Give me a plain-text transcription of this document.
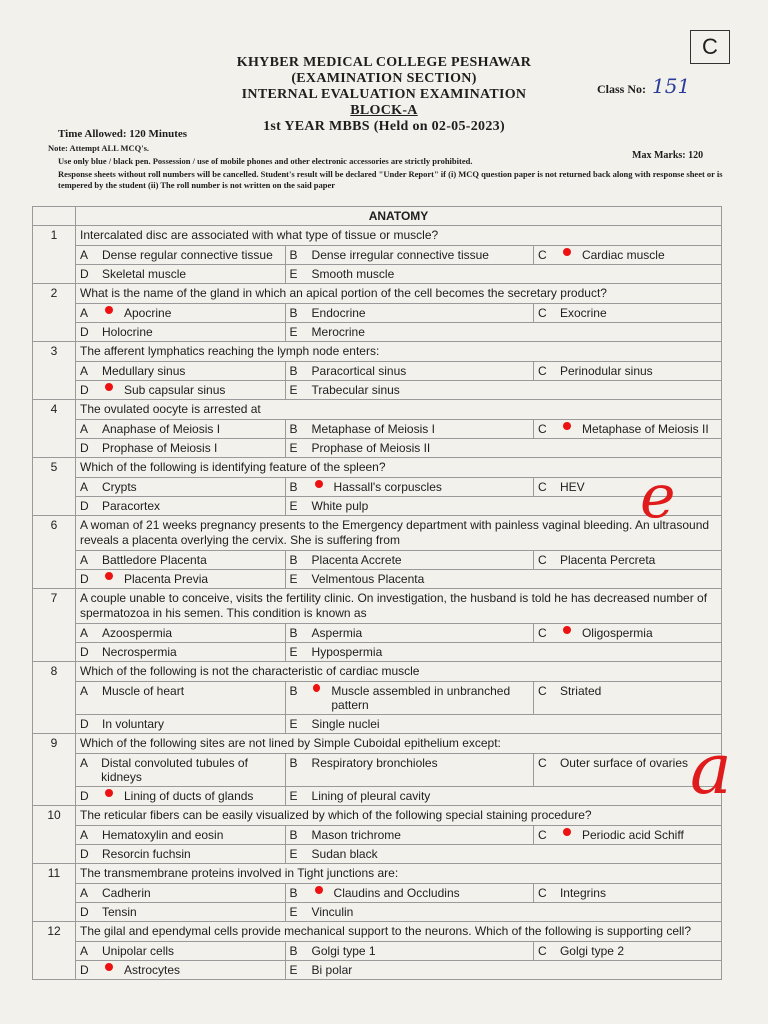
C
KHYBER MEDICAL COLLEGE PESHAWAR
(EXAMINATION SECTION)
INTERNAL EVALUATION EXAMINATION
BLOCK-A
1st YEAR MBBS (Held on 02-05-2023)
Class No: 151
Time Allowed: 120 Minutes
Max Marks: 120
Note: Attempt ALL MCQ's.
Use only blue / black pen. Possession / use of mobile phones and other electronic accessories are strictly prohibited.
Response sheets without roll numbers will be cancelled. Student's result will be declared "Under Report" if (i) MCQ question paper is not returned back along with response sheet or is tempered by the student (ii) The roll number is not written on the said paper
	ANATOMY		
1	Intercalated disc are associated with what type of tissue or muscle?		

	A Dense regular connective tissue	B Dense irregular connective tissue	C Cardiac muscle

	D Skeletal muscle	E Smooth muscle	

2	What is the name of the gland in which an apical portion of the cell becomes the secretary product?		

	A Apocrine	B Endocrine	C Exocrine

	D Holocrine	E Merocrine	

3	The afferent lymphatics reaching the lymph node enters:		

	A Medullary sinus	B Paracortical sinus	C Perinodular sinus

	D Sub capsular sinus	E Trabecular sinus	

4	The ovulated oocyte is arrested at		

	A Anaphase of Meiosis I	B Metaphase of Meiosis I	C Metaphase of Meiosis II

	D Prophase of Meiosis I	E Prophase of Meiosis II	

5	Which of the following is identifying feature of the spleen?		

	A Crypts	B Hassall's corpuscles	C HEV

	D Paracortex	E White pulp	

6	A woman of 21 weeks pregnancy presents to the Emergency department with painless vaginal bleeding. An ultrasound reveals a placenta overlying the cervix. She is suffering from		

	A Battledore Placenta	B Placenta Accrete	C Placenta Percreta

	D Placenta Previa	E Velmentous Placenta	

7	A couple unable to conceive, visits the fertility clinic. On investigation, the husband is told he has decreased number of spermatozoa in his semen. This condition is known as		

	A Azoospermia	B Aspermia	C Oligospermia

	D Necrospermia	E Hypospermia	

8	Which of the following is not the characteristic of cardiac muscle		

	A Muscle of heart	B Muscle assembled in unbranched pattern	C Striated

	D In voluntary	E Single nuclei	

9	Which of the following sites are not lined by Simple Cuboidal epithelium except:		

	A Distal convoluted tubules of kidneys	B Respiratory bronchioles	C Outer surface of ovaries

	D Lining of ducts of glands	E Lining of pleural cavity	

10	The reticular fibers can be easily visualized by which of the following special staining procedure?		

	A Hematoxylin and eosin	B Mason trichrome	C Periodic acid Schiff

	D Resorcin fuchsin	E Sudan black	

11	The transmembrane proteins involved in Tight junctions are:		

	A Cadherin	B Claudins and Occludins	C Integrins

	D Tensin	E Vinculin	

12	The gilal and ependymal cells provide mechanical support to the neurons. Which of the following is supporting cell?		

	A Unipolar cells	B Golgi type 1	C Golgi type 2

	D Astrocytes	E Bi polar	
e
a
